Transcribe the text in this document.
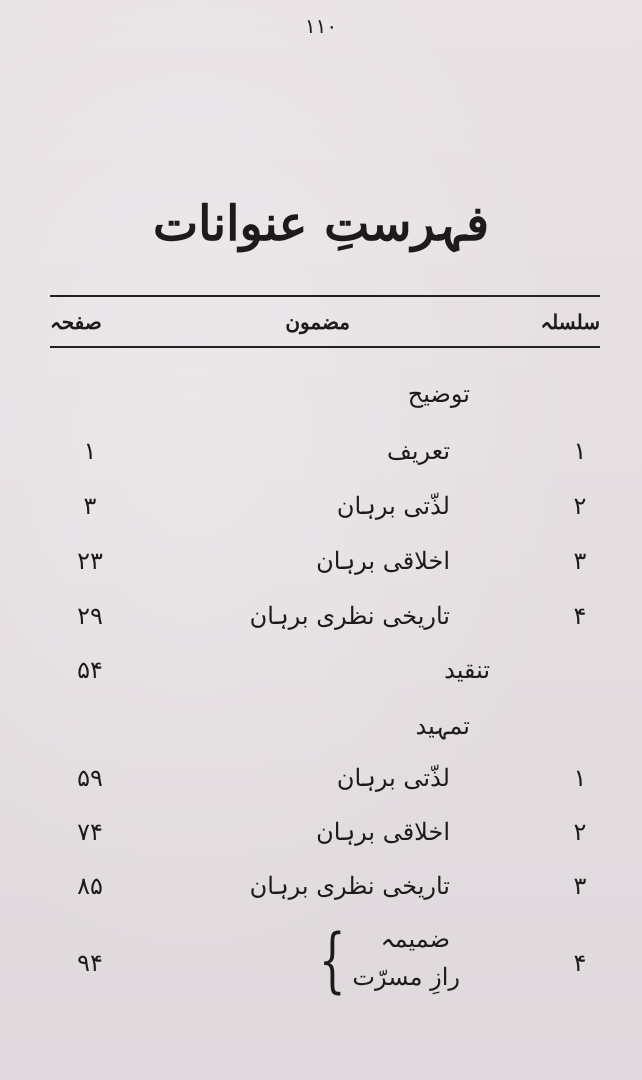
۱۱۰
فہرستِ عنوانات
سلسلہ
مضمون
صفحہ
توضیح
۱
تعریف
۱
۲
لذّتی برہان
۳
۳
اخلاقی برہان
۲۳
۴
تاریخی نظری برہان
۲۹
تنقید
۵۴
تمہید
۱
لذّتی برہان
۵۹
۲
اخلاقی برہان
۷۴
۳
تاریخی نظری برہان
۸۵
۴
ضمیمہ
رازِ مسرّت
}
۹۴
